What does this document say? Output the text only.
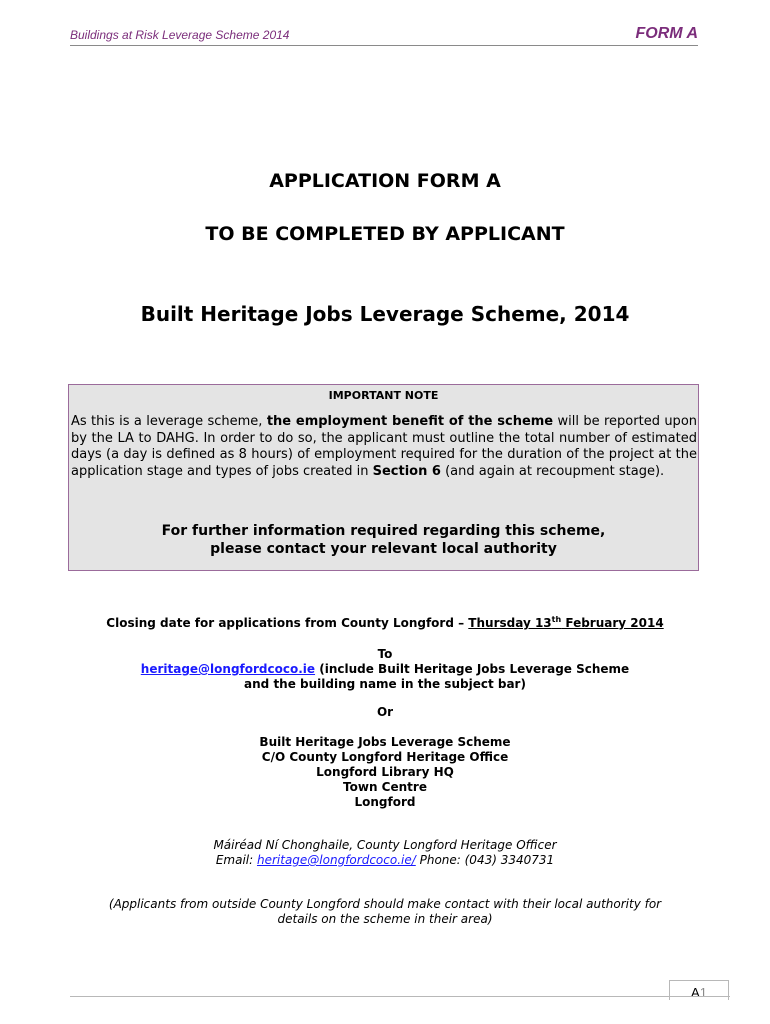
Buildings at Risk Leverage Scheme 2014	FORM A
APPLICATION FORM A
TO BE COMPLETED BY APPLICANT
Built Heritage Jobs Leverage Scheme, 2014
IMPORTANT NOTE
As this is a leverage scheme, the employment benefit of the scheme will be reported upon by the LA to DAHG. In order to do so, the applicant must outline the total number of estimated days (a day is defined as 8 hours) of employment required for the duration of the project at the application stage and types of jobs created in Section 6 (and again at recoupment stage).
For further information required regarding this scheme,
please contact your relevant local authority
Closing date for applications from County Longford – Thursday 13th February 2014
To
heritage@longfordcoco.ie (include Built Heritage Jobs Leverage Scheme
and the building name in the subject bar)
Or
Built Heritage Jobs Leverage Scheme
C/O County Longford Heritage Office
Longford Library HQ
Town Centre
Longford
Máiréad Ní Chonghaile, County Longford Heritage Officer
Email: heritage@longfordcoco.ie/ Phone: (043) 3340731
(Applicants from outside County Longford should make contact with their local authority for
details on the scheme in their area)
A1
